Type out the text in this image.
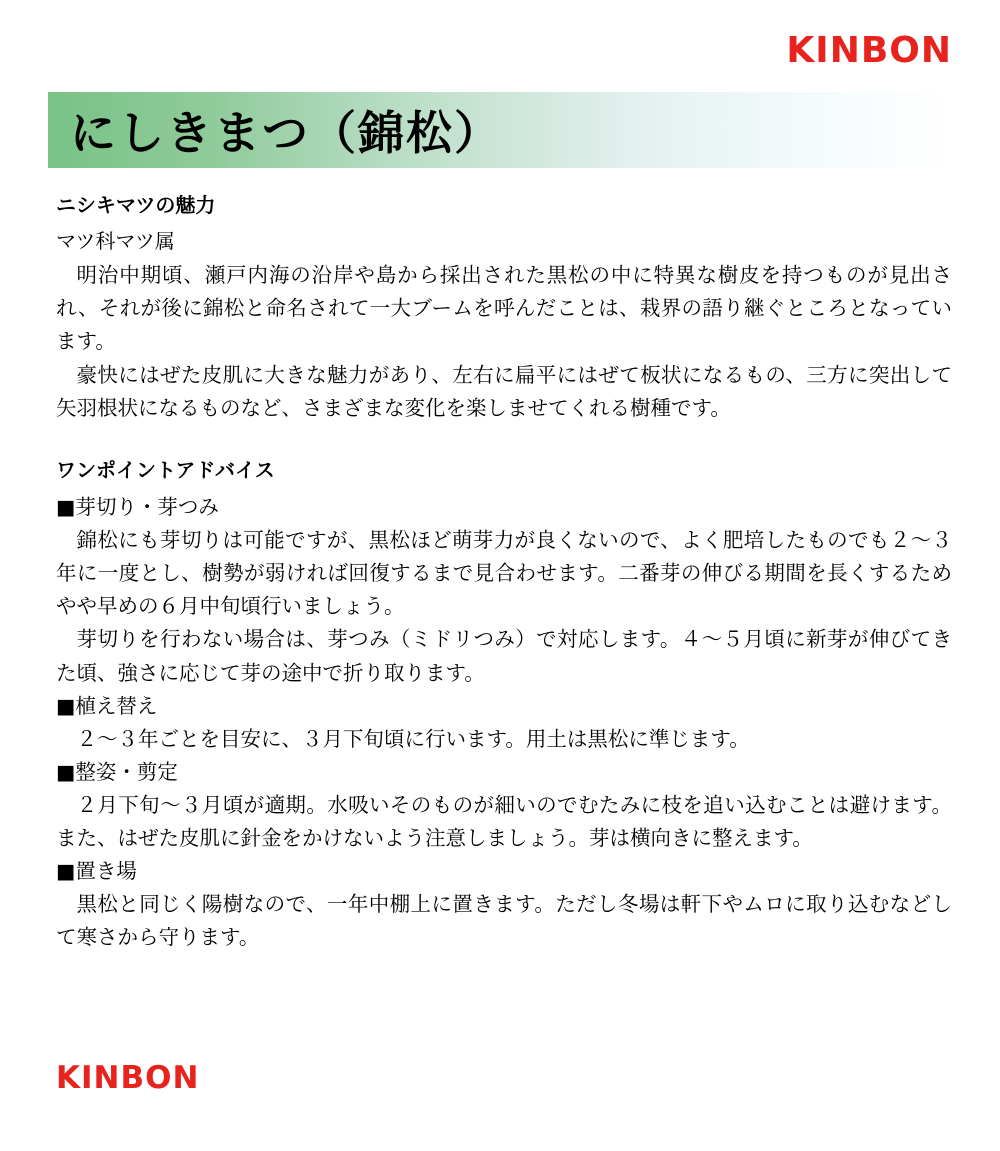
KINBON
にしきまつ（錦松）
ニシキマツの魅力
マツ科マツ属

明治中期頃、瀬戸内海の沿岸や島から採出された黒松の中に特異な樹皮を持つものが見出され、それが後に錦松と命名されて一大ブームを呼んだことは、栽界の語り継ぐところとなっています。

豪快にはぜた皮肌に大きな魅力があり、左右に扁平にはぜて板状になるもの、三方に突出して矢羽根状になるものなど、さまざまな変化を楽しませてくれる樹種です。

ワンポイントアドバイス
■芽切り・芽つみ

錦松にも芽切りは可能ですが、黒松ほど萌芽力が良くないので、よく肥培したものでも２〜３年に一度とし、樹勢が弱ければ回復するまで見合わせます。二番芽の伸びる期間を長くするためやや早めの６月中旬頃行いましょう。

芽切りを行わない場合は、芽つみ（ミドリつみ）で対応します。４〜５月頃に新芽が伸びてきた頃、強さに応じて芽の途中で折り取ります。

■植え替え

２〜３年ごとを目安に、３月下旬頃に行います。用土は黒松に準じます。

■整姿・剪定

２月下旬〜３月頃が適期。水吸いそのものが細いのでむたみに枝を追い込むことは避けます。また、はぜた皮肌に針金をかけないよう注意しましょう。芽は横向きに整えます。

■置き場

黒松と同じく陽樹なので、一年中棚上に置きます。ただし冬場は軒下やムロに取り込むなどして寒さから守ります。

KINBON
